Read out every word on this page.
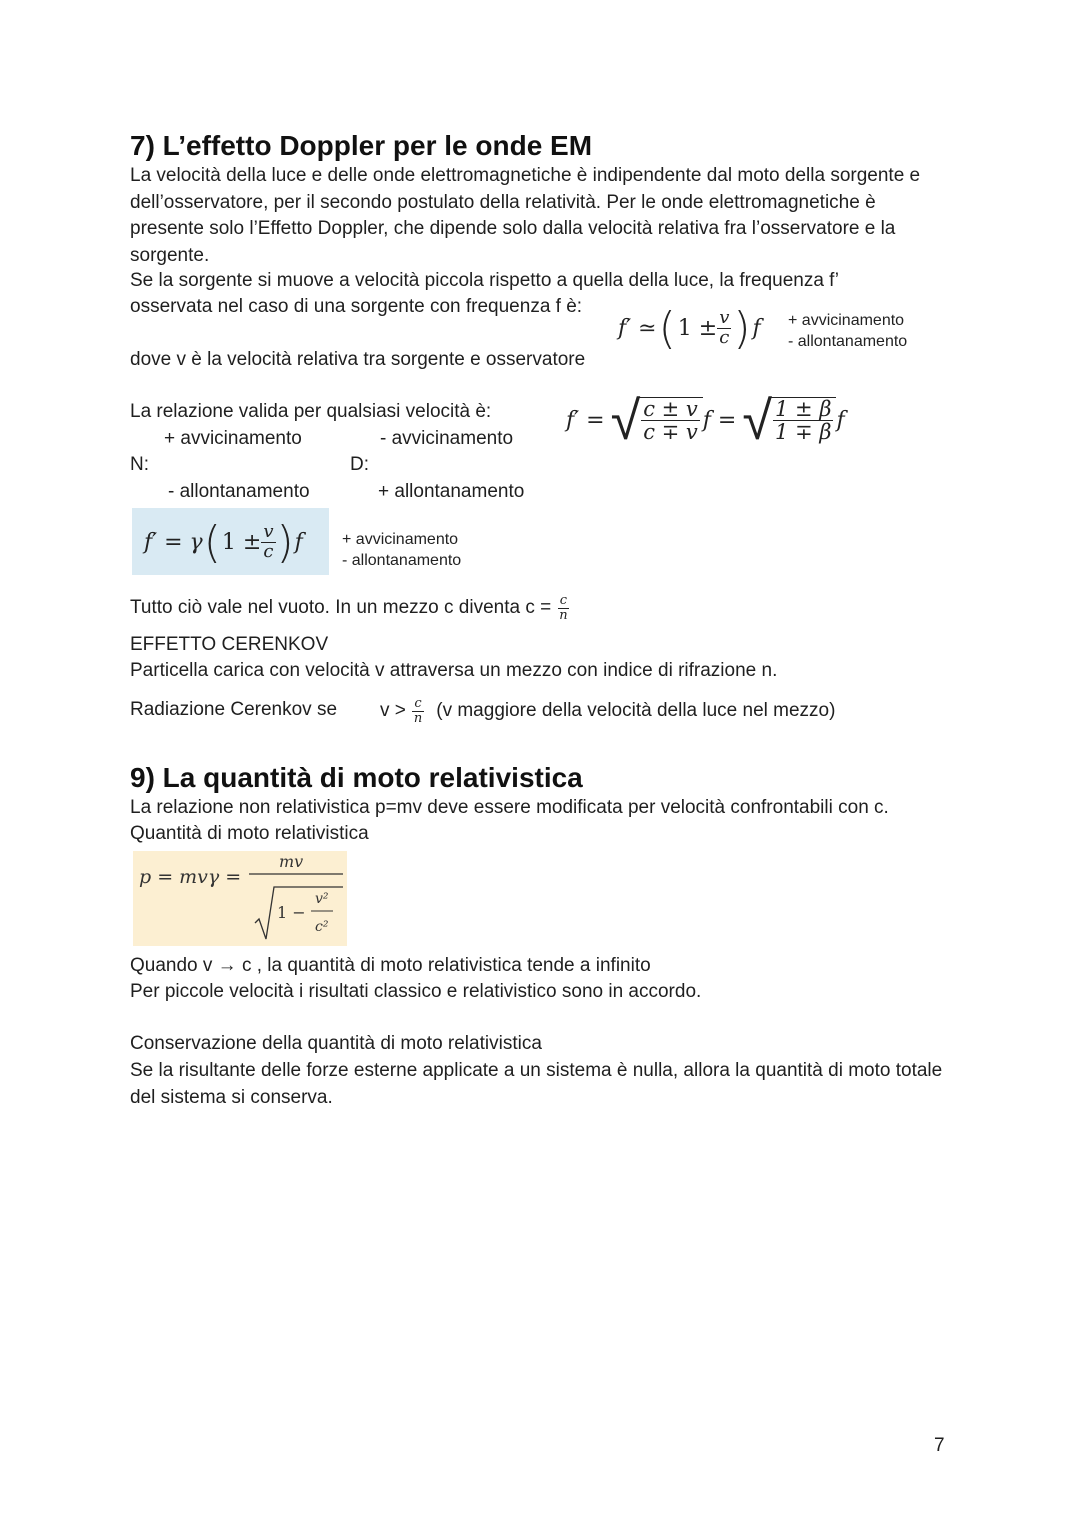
7) L’effetto Doppler per le onde EM
La velocità della luce e delle onde elettromagnetiche è indipendente dal moto della sorgente e dell’osservatore, per il secondo postulato della relatività. Per le onde elettromagnetiche è presente solo l’Effetto Doppler, che dipende solo dalla velocità relativa fra l’osservatore e la sorgente.
Se la sorgente si muove a velocità piccola rispetto a quella della luce, la frequenza f’
osservata nel caso di una sorgente con frequenza f è:
f′ ≃ ( $1 \pm \frac{v}{c}$ ) f + avvicinamento
- allontanamento
dove v è la velocità relativa tra sorgente e osservatore
La relazione valida per qualsiasi velocità è:	f′ = √ $\frac{c \pm v}{c \mp v}$ f = √ $\frac{1 \pm \beta}{1 \mp \beta}$ f
+ avvicinamento	- avvicinamento
N:	D:
- allontanamento	+ allontanamento
f′ = γ ( $1 \pm \frac{v}{c}$ ) f + avvicinamento
- allontanamento
Tutto ciò vale nel vuoto. In un mezzo c diventa $c = \frac{c}{n}$
EFFETTO CERENKOV
Particella carica con velocità v attraversa un mezzo con indice di rifrazione n.
Radiazione Cerenkov se $v > \frac{c}{n} (v$ maggiore della velocità della luce nel mezzo)
9) La quantità di moto relativistica
La relazione non relativistica p=mv deve essere modificata per velocità confrontabili con c.
Quantità di moto relativistica
p = mvγ =
mv
1 −
v²
c²
Quando v → c , la quantità di moto relativistica tende a infinito
Per piccole velocità i risultati classico e relativistico sono in accordo.
Conservazione della quantità di moto relativistica
Se la risultante delle forze esterne applicate a un sistema è nulla, allora la quantità di moto totale del sistema si conserva.
7
